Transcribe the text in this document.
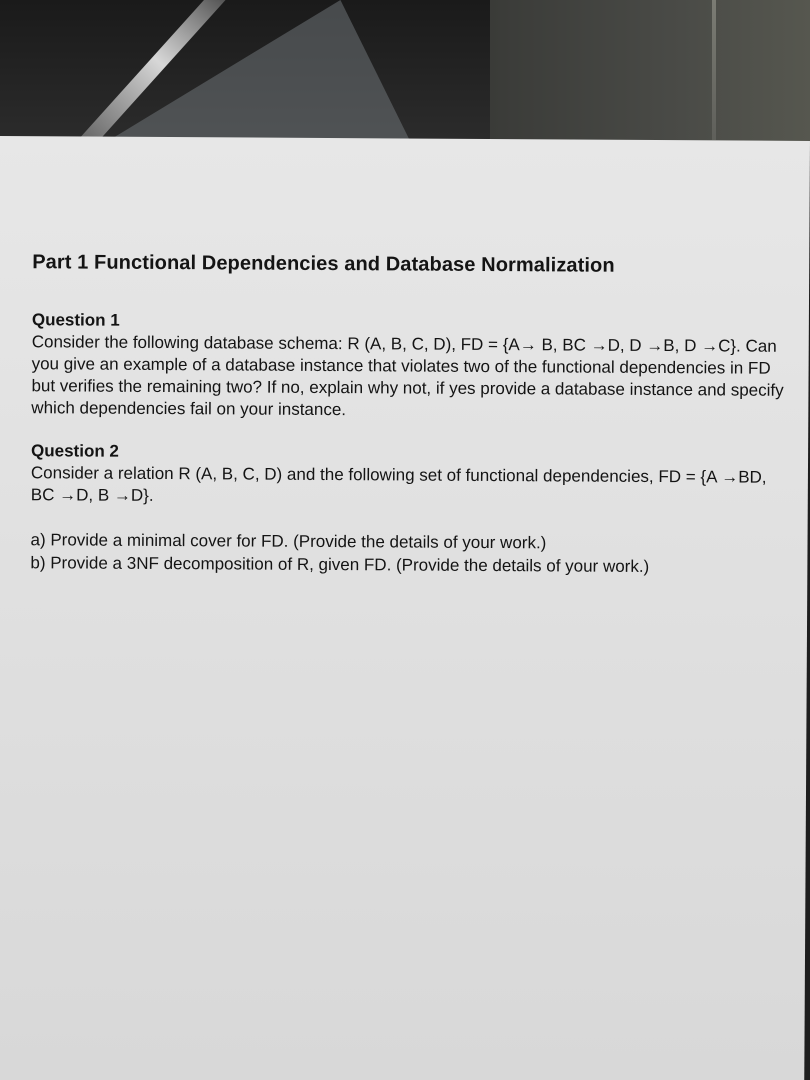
Part 1 Functional Dependencies and Database Normalization

Question 1

Consider the following database schema: R (A, B, C, D), FD = {A→ B, BC →D, D →B, D →C}. Can you give an example of a database instance that violates two of the functional dependencies in FD but verifies the remaining two? If no, explain why not, if yes provide a database instance and specify which dependencies fail on your instance.

Question 2

Consider a relation R (A, B, C, D) and the following set of functional dependencies, FD = {A →BD, BC →D, B →D}.

a) Provide a minimal cover for FD. (Provide the details of your work.)

b) Provide a 3NF decomposition of R, given FD. (Provide the details of your work.)
